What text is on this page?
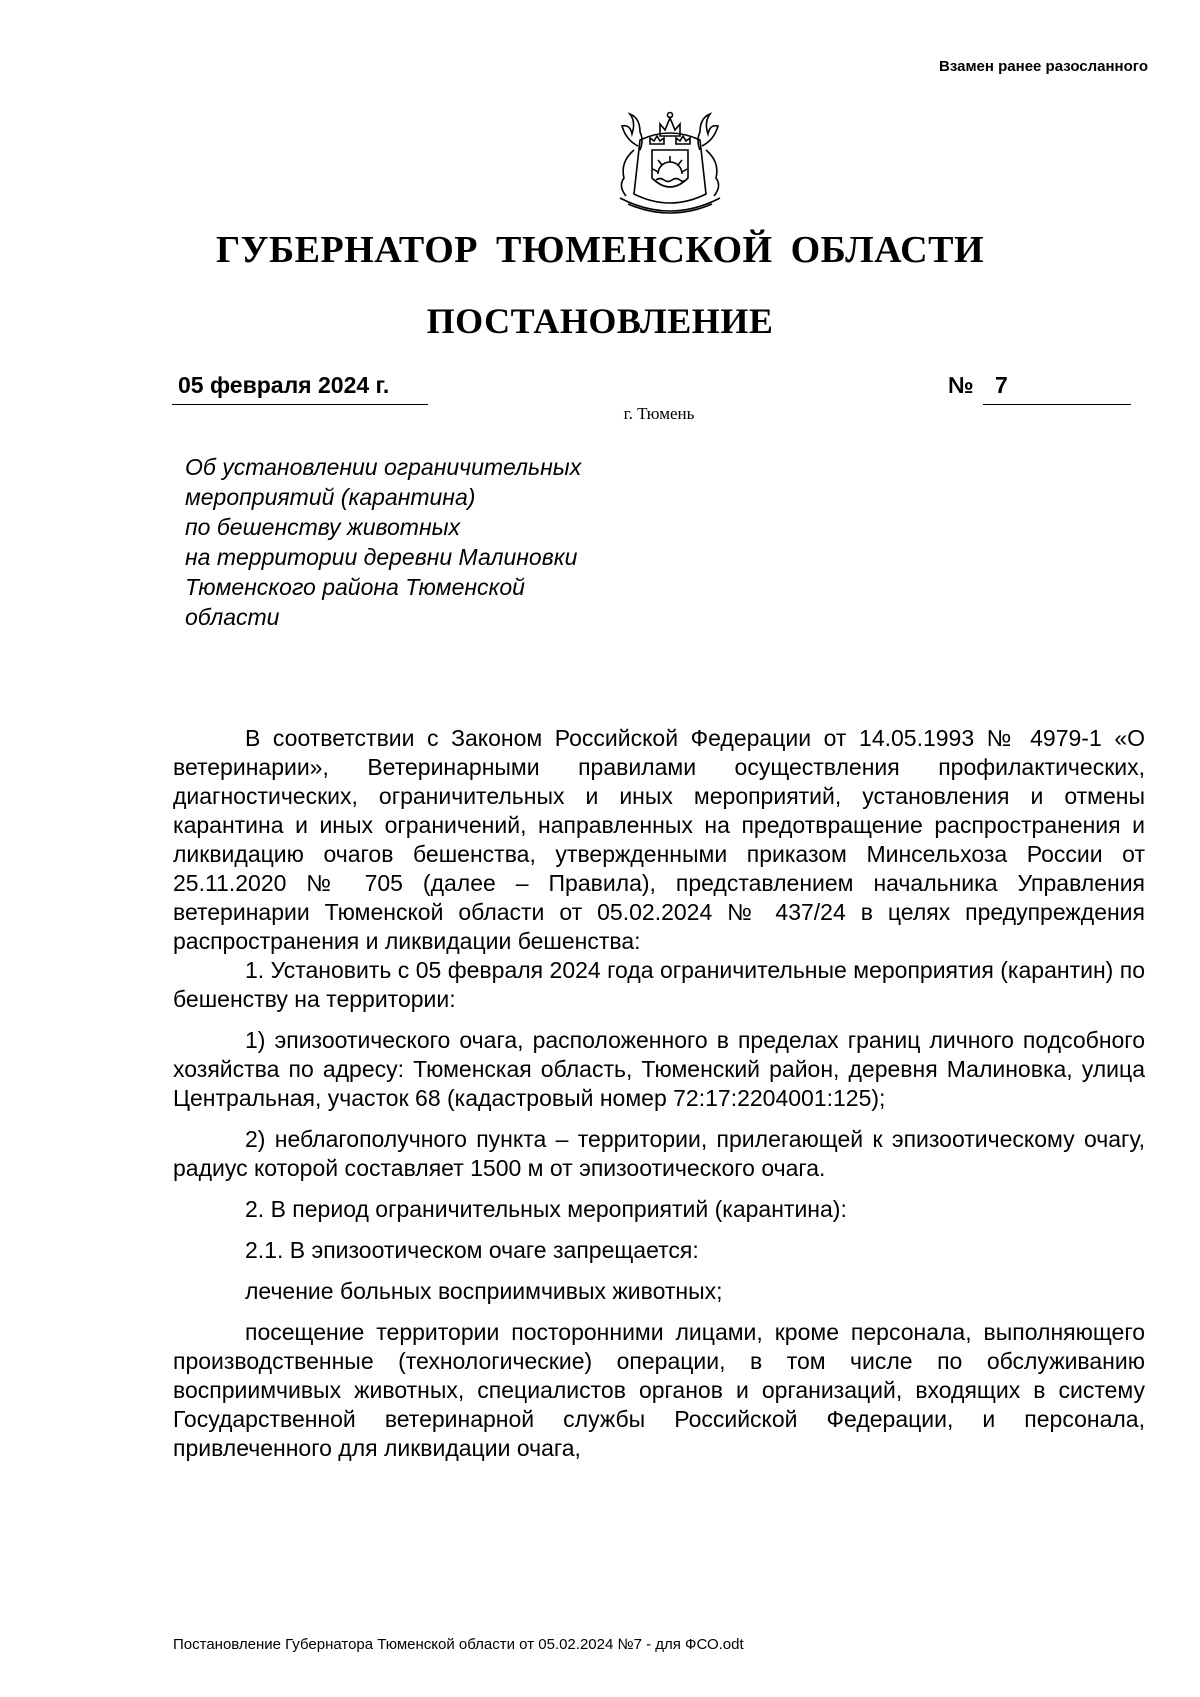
Взамен ранее разосланного
ГУБЕРНАТОР ТЮМЕНСКОЙ ОБЛАСТИ
ПОСТАНОВЛЕНИЕ
05 февраля 2024 г.	№ 7
г. Тюмень
Об установлении ограничительных
мероприятий (карантина)
по бешенству животных
на территории деревни Малиновки
Тюменского района Тюменской
области

В соответствии с Законом Российской Федерации от 14.05.1993 № 4979-1 «О ветеринарии», Ветеринарными правилами осуществления профилактических, диагностических, ограничительных и иных мероприятий, установления и отмены карантина и иных ограничений, направленных на предотвращение распространения и ликвидацию очагов бешенства, утвержденными приказом Минсельхоза России от 25.11.2020 № 705 (далее – Правила), представлением начальника Управления ветеринарии Тюменской области от 05.02.2024 № 437/24 в целях предупреждения распространения и ликвидации бешенства:

1. Установить с 05 февраля 2024 года ограничительные мероприятия (карантин) по бешенству на территории:

1) эпизоотического очага, расположенного в пределах границ личного подсобного хозяйства по адресу: Тюменская область, Тюменский район, деревня Малиновка, улица Центральная, участок 68 (кадастровый номер 72:17:2204001:125);

2) неблагополучного пункта – территории, прилегающей к эпизоотическому очагу, радиус которой составляет 1500 м от эпизоотического очага.

2. В период ограничительных мероприятий (карантина):

2.1. В эпизоотическом очаге запрещается:

лечение больных восприимчивых животных;

посещение территории посторонними лицами, кроме персонала, выполняющего производственные (технологические) операции, в том числе по обслуживанию восприимчивых животных, специалистов органов и организаций, входящих в систему Государственной ветеринарной службы Российской Федерации, и персонала, привлеченного для ликвидации очага,

Постановление Губернатора Тюменской области от 05.02.2024 №7 - для ФСО.odt
